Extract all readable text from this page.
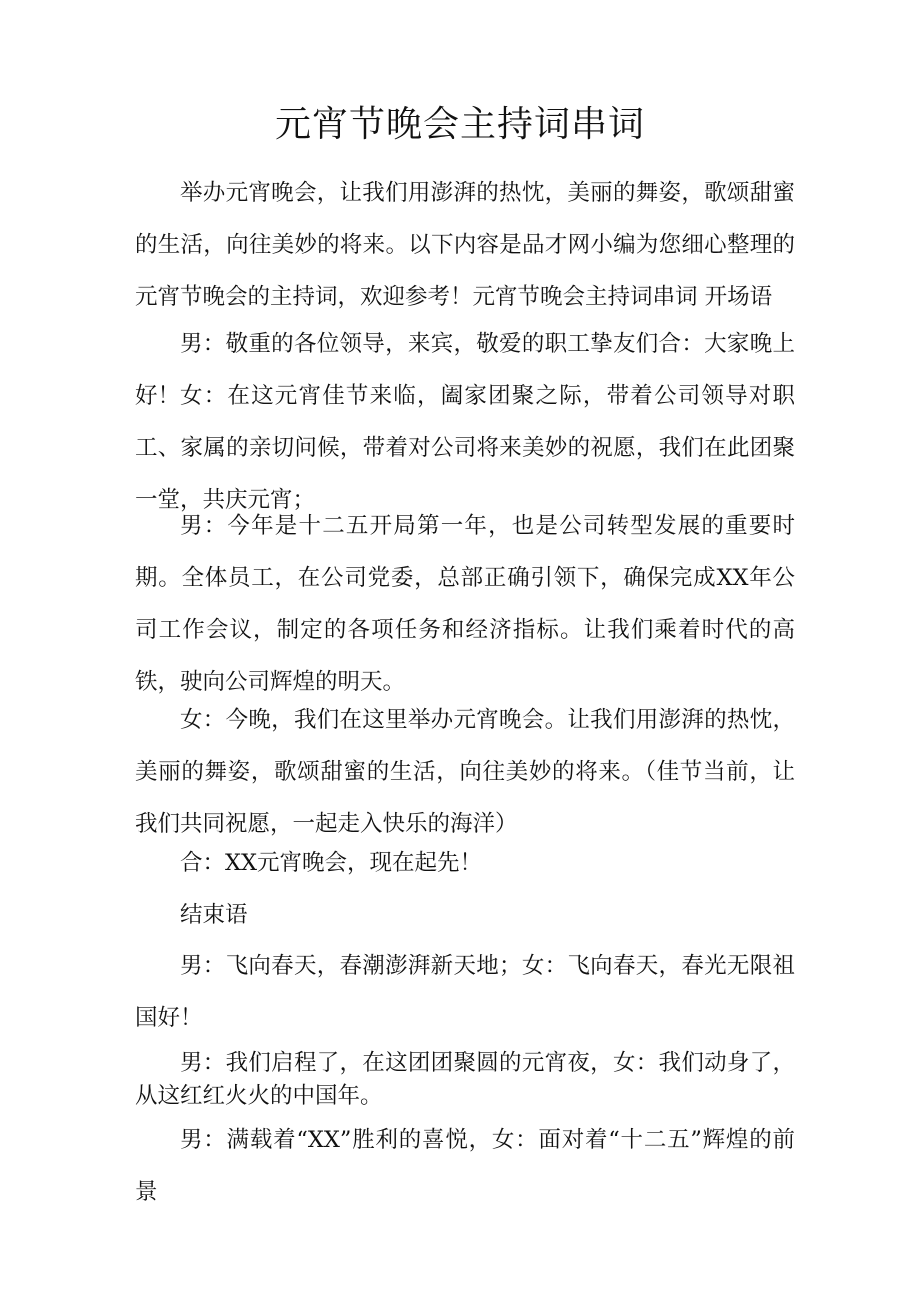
元宵节晚会主持词串词

举办元宵晚会，让我们用澎湃的热忱，美丽的舞姿，歌颂甜蜜的生活，向往美妙的将来。以下内容是品才网小编为您细心整理的元宵节晚会的主持词，欢迎参考！元宵节晚会主持词串词 开场语

男：敬重的各位领导，来宾，敬爱的职工挚友们合：大家晚上好！ 女：在这元宵佳节来临，阖家团聚之际，带着公司领导对职工、家属的亲切问候，带着对公司将来美妙的祝愿，我们在此团聚一堂，共庆元宵；

男：今年是十二五开局第一年，也是公司转型发展的重要时期。全体员工，在公司党委，总部正确引领下，确保完成XX年公司工作会议，制定的各项任务和经济指标。让我们乘着时代的高铁，驶向公司辉煌的明天。

女：今晚，我们在这里举办元宵晚会。让我们用澎湃的热忱，美丽的舞姿，歌颂甜蜜的生活，向往美妙的将来。（佳节当前，让我们共同祝愿，一起走入快乐的海洋）

合：XX元宵晚会，现在起先！

结束语

男：飞向春天，春潮澎湃新天地；女：飞向春天，春光无限祖国好！

男：我们启程了，在这团团聚圆的元宵夜，女：我们动身了，从这红红火火的中国年。

男：满载着“XX”胜利的喜悦，女：面对着“十二五”辉煌的前景
